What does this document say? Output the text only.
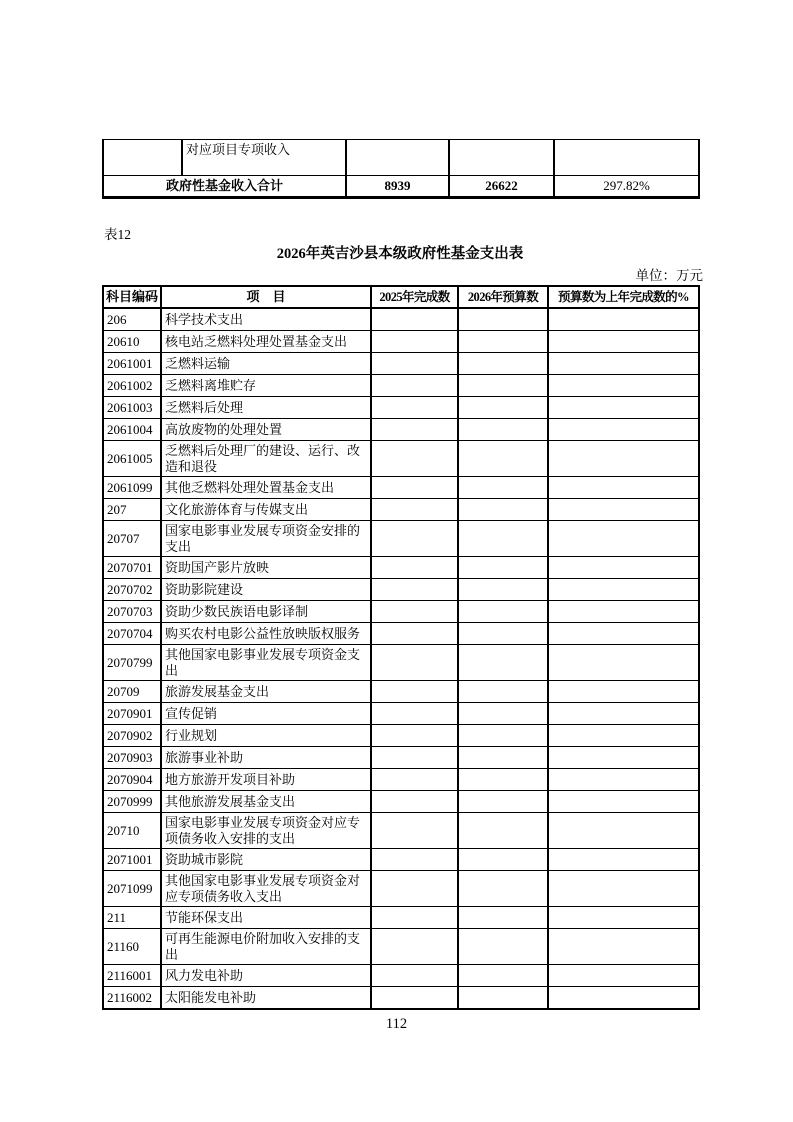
	对应项目专项收入			
政府性基金收入合计		8939	26622	297.82%
表12
2026年英吉沙县本级政府性基金支出表
单位：万元
科目编码	项　目	2025年完成数	2026年预算数	预算数为上年完成数的%
206	科学技术支出			
20610	核电站乏燃料处理处置基金支出			
2061001	乏燃料运输			
2061002	乏燃料离堆贮存			
2061003	乏燃料后处理			
2061004	高放废物的处理处置			
2061005	乏燃料后处理厂的建设、运行、改造和退役			
2061099	其他乏燃料处理处置基金支出			
207	文化旅游体育与传媒支出			
20707	国家电影事业发展专项资金安排的支出			
2070701	资助国产影片放映			
2070702	资助影院建设			
2070703	资助少数民族语电影译制			
2070704	购买农村电影公益性放映版权服务			
2070799	其他国家电影事业发展专项资金支出			
20709	旅游发展基金支出			
2070901	宣传促销			
2070902	行业规划			
2070903	旅游事业补助			
2070904	地方旅游开发项目补助			
2070999	其他旅游发展基金支出			
20710	国家电影事业发展专项资金对应专项债务收入安排的支出			
2071001	资助城市影院			
2071099	其他国家电影事业发展专项资金对应专项债务收入支出			
211	节能环保支出			
21160	可再生能源电价附加收入安排的支出			
2116001	风力发电补助			
2116002	太阳能发电补助			
112
